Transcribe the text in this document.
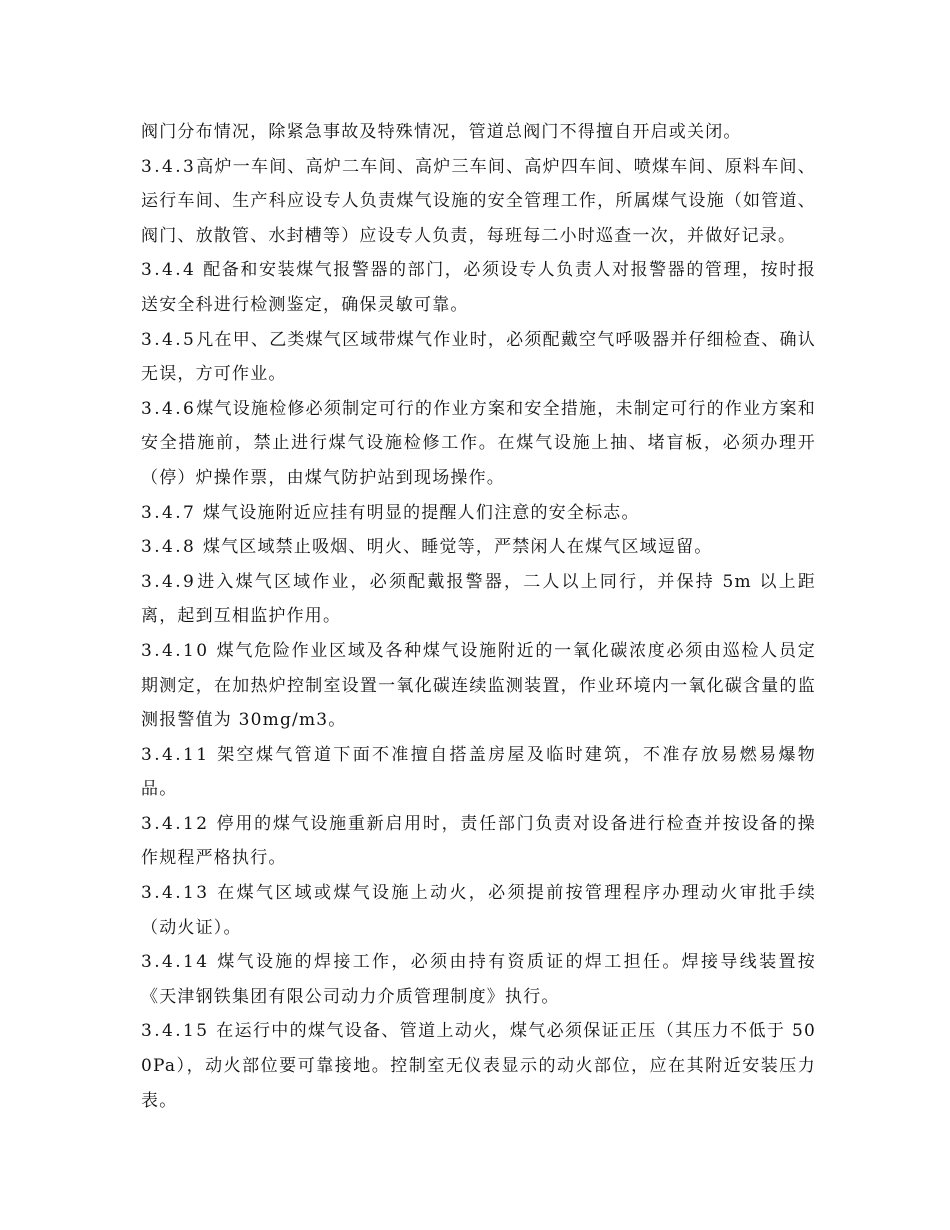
阀门分布情况，除紧急事故及特殊情况，管道总阀门不得擅自开启或关闭。

3.4.3高炉一车间、高炉二车间、高炉三车间、高炉四车间、喷煤车间、原料车间、运行车间、生产科应设专人负责煤气设施的安全管理工作，所属煤气设施（如管道、阀门、放散管、水封槽等）应设专人负责，每班每二小时巡查一次，并做好记录。

3.4.4 配备和安装煤气报警器的部门，必须设专人负责人对报警器的管理，按时报送安全科进行检测鉴定，确保灵敏可靠。

3.4.5凡在甲、乙类煤气区域带煤气作业时，必须配戴空气呼吸器并仔细检查、确认无误，方可作业。

3.4.6煤气设施检修必须制定可行的作业方案和安全措施，未制定可行的作业方案和安全措施前，禁止进行煤气设施检修工作。在煤气设施上抽、堵盲板，必须办理开（停）炉操作票，由煤气防护站到现场操作。

3.4.7 煤气设施附近应挂有明显的提醒人们注意的安全标志。

3.4.8 煤气区域禁止吸烟、明火、睡觉等，严禁闲人在煤气区域逗留。

3.4.9进入煤气区域作业，必须配戴报警器，二人以上同行，并保持 5m 以上距离，起到互相监护作用。

3.4.10 煤气危险作业区域及各种煤气设施附近的一氧化碳浓度必须由巡检人员定期测定，在加热炉控制室设置一氧化碳连续监测装置，作业环境内一氧化碳含量的监测报警值为 30mg/m3。

3.4.11 架空煤气管道下面不准擅自搭盖房屋及临时建筑，不准存放易燃易爆物品。

3.4.12 停用的煤气设施重新启用时，责任部门负责对设备进行检查并按设备的操作规程严格执行。

3.4.13 在煤气区域或煤气设施上动火，必须提前按管理程序办理动火审批手续（动火证）。

3.4.14 煤气设施的焊接工作，必须由持有资质证的焊工担任。焊接导线装置按《天津钢铁集团有限公司动力介质管理制度》执行。

3.4.15 在运行中的煤气设备、管道上动火，煤气必须保证正压（其压力不低于 500Pa），动火部位要可靠接地。控制室无仪表显示的动火部位，应在其附近安装压力表。
